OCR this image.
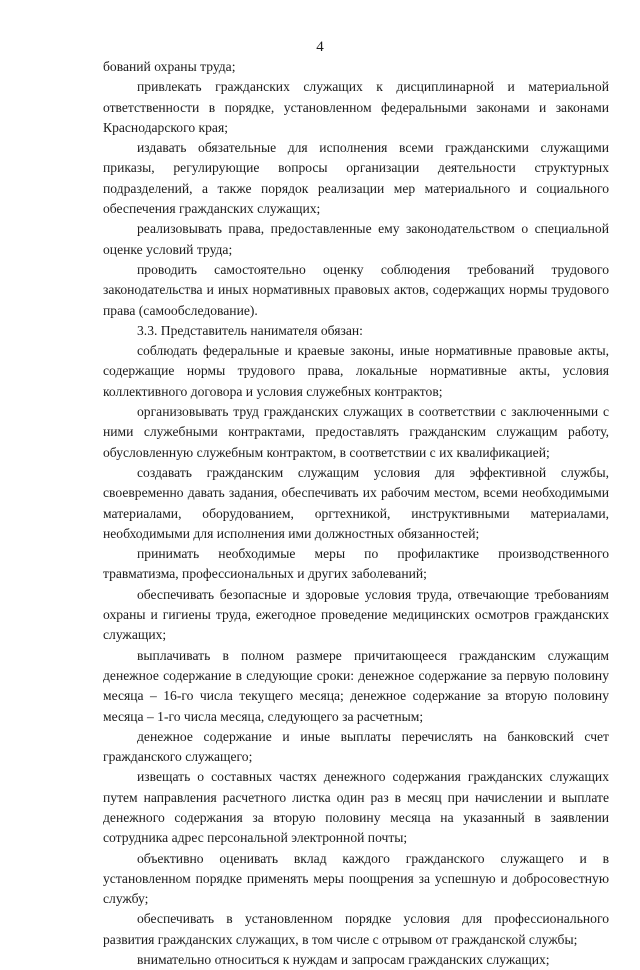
4

бований охраны труда;

привлекать гражданских служащих к дисциплинарной и материальной ответственности в порядке, установленном федеральными законами и законами Краснодарского края;

издавать обязательные для исполнения всеми гражданскими служащими приказы, регулирующие вопросы организации деятельности структурных подразделений, а также порядок реализации мер материального и социального обеспечения гражданских служащих;

реализовывать права, предоставленные ему законодательством о специальной оценке условий труда;

проводить самостоятельно оценку соблюдения требований трудового законодательства и иных нормативных правовых актов, содержащих нормы трудового права (самообследование).

3.3. Представитель нанимателя обязан:

соблюдать федеральные и краевые законы, иные нормативные правовые акты, содержащие нормы трудового права, локальные нормативные акты, условия коллективного договора и условия служебных контрактов;

организовывать труд гражданских служащих в соответствии с заключенными с ними служебными контрактами, предоставлять гражданским служащим работу, обусловленную служебным контрактом, в соответствии с их квалификацией;

создавать гражданским служащим условия для эффективной службы, своевременно давать задания, обеспечивать их рабочим местом, всеми необходимыми материалами, оборудованием, оргтехникой, инструктивными материалами, необходимыми для исполнения ими должностных обязанностей;

принимать необходимые меры по профилактике производственного травматизма, профессиональных и других заболеваний;

обеспечивать безопасные и здоровые условия труда, отвечающие требованиям охраны и гигиены труда, ежегодное проведение медицинских осмотров гражданских служащих;

выплачивать в полном размере причитающееся гражданским служащим денежное содержание в следующие сроки: денежное содержание за первую половину месяца – 16-го числа текущего месяца; денежное содержание за вторую половину месяца – 1-го числа месяца, следующего за расчетным;

денежное содержание и иные выплаты перечислять на банковский счет гражданского служащего;

извещать о составных частях денежного содержания гражданских служащих путем направления расчетного листка один раз в месяц при начислении и выплате денежного содержания за вторую половину месяца на указанный в заявлении сотрудника адрес персональной электронной почты;

объективно оценивать вклад каждого гражданского служащего и в установленном порядке применять меры поощрения за успешную и добросовестную службу;

обеспечивать в установленном порядке условия для профессионального развития гражданских служащих, в том числе с отрывом от гражданской службы;

внимательно относиться к нуждам и запросам гражданских служащих;
